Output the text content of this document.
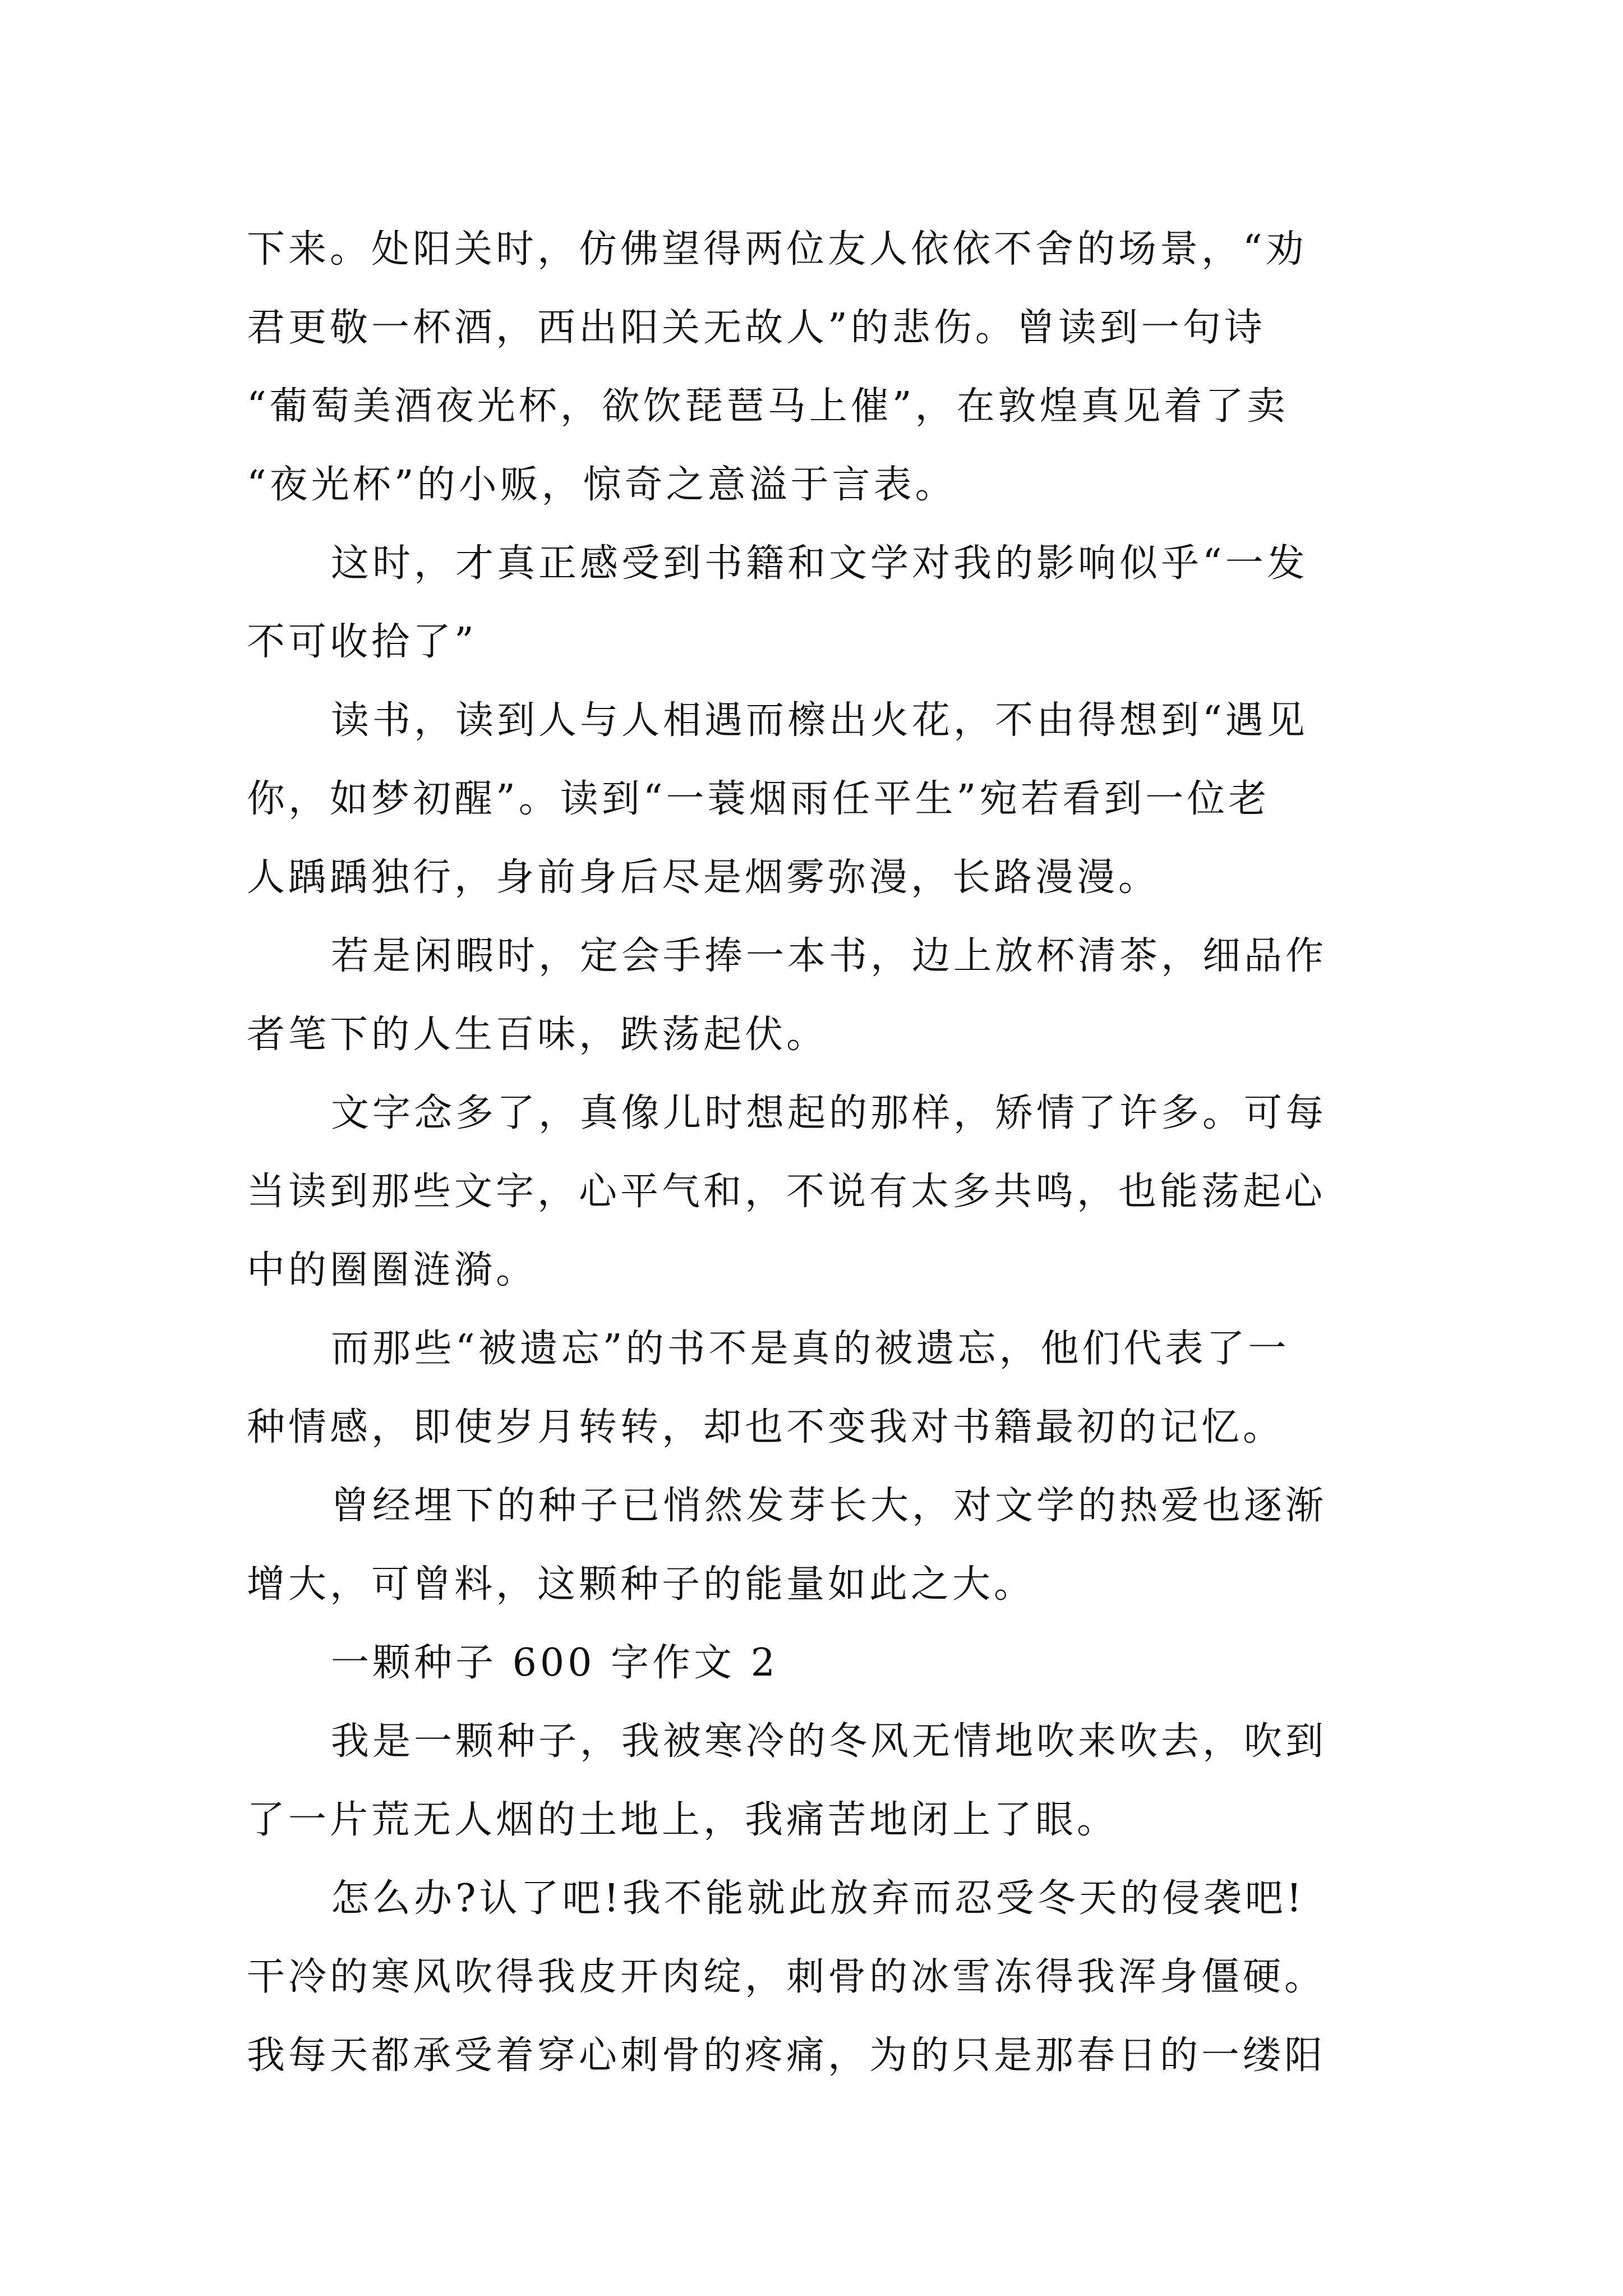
下来。处阳关时，仿佛望得两位友人依依不舍的场景，“劝
君更敬一杯酒，西出阳关无故人”的悲伤。曾读到一句诗
“葡萄美酒夜光杯，欲饮琵琶马上催”，在敦煌真见着了卖
“夜光杯”的小贩，惊奇之意溢于言表。
这时，才真正感受到书籍和文学对我的影响似乎“一发
不可收拾了”
读书，读到人与人相遇而檫出火花，不由得想到“遇见
你，如梦初醒”。读到“一蓑烟雨任平生”宛若看到一位老
人踽踽独行，身前身后尽是烟雾弥漫，长路漫漫。
若是闲暇时，定会手捧一本书，边上放杯清茶，细品作
者笔下的人生百味，跌荡起伏。
文字念多了，真像儿时想起的那样，矫情了许多。可每
当读到那些文字，心平气和，不说有太多共鸣，也能荡起心
中的圈圈涟漪。
而那些“被遗忘”的书不是真的被遗忘，他们代表了一
种情感，即使岁月转转，却也不变我对书籍最初的记忆。
曾经埋下的种子已悄然发芽长大，对文学的热爱也逐渐
增大，可曾料，这颗种子的能量如此之大。
一颗种子 600 字作文 2
我是一颗种子，我被寒冷的冬风无情地吹来吹去，吹到
了一片荒无人烟的土地上，我痛苦地闭上了眼。
怎么办?认了吧!我不能就此放弃而忍受冬天的侵袭吧!
干冷的寒风吹得我皮开肉绽，刺骨的冰雪冻得我浑身僵硬。
我每天都承受着穿心刺骨的疼痛，为的只是那春日的一缕阳
